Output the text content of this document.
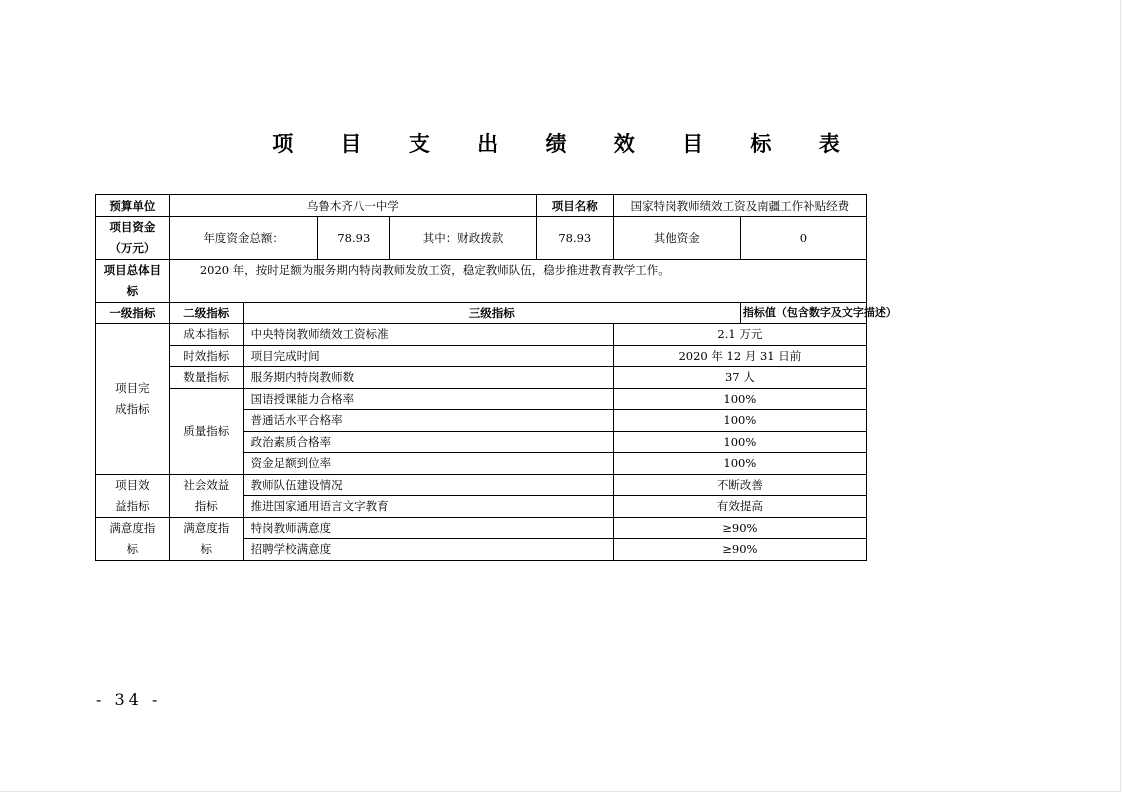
项 目 支 出 绩 效 目 标 表
预算单位	乌鲁木齐八一中学				项目名称	国家特岗教师绩效工资及南疆工作补贴经费	
项目资金（万元）	年度资金总额：		78.93	其中：财政拨款	78.93	其他资金	0
项目总体目标	2020 年，按时足额为服务期内特岗教师发放工资，稳定教师队伍，稳步推进教育教学工作。						
一级指标	二级指标	三级指标					指标值（包含数字及文字描述）
项目完成指标	成本指标	中央特岗教师绩效工资标准				2.1 万元	
	时效指标	项目完成时间				2020 年 12 月 31 日前	
	数量指标	服务期内特岗教师数				37 人	
	质量指标	国语授课能力合格率				100%	
		普通话水平合格率				100%	
		政治素质合格率				100%	
		资金足额到位率				100%	
项目效益指标	社会效益指标	教师队伍建设情况				不断改善	
		推进国家通用语言文字教育				有效提高	
满意度指标	满意度指标	特岗教师满意度				≥90%	
		招聘学校满意度				≥90%	
- 34 -
